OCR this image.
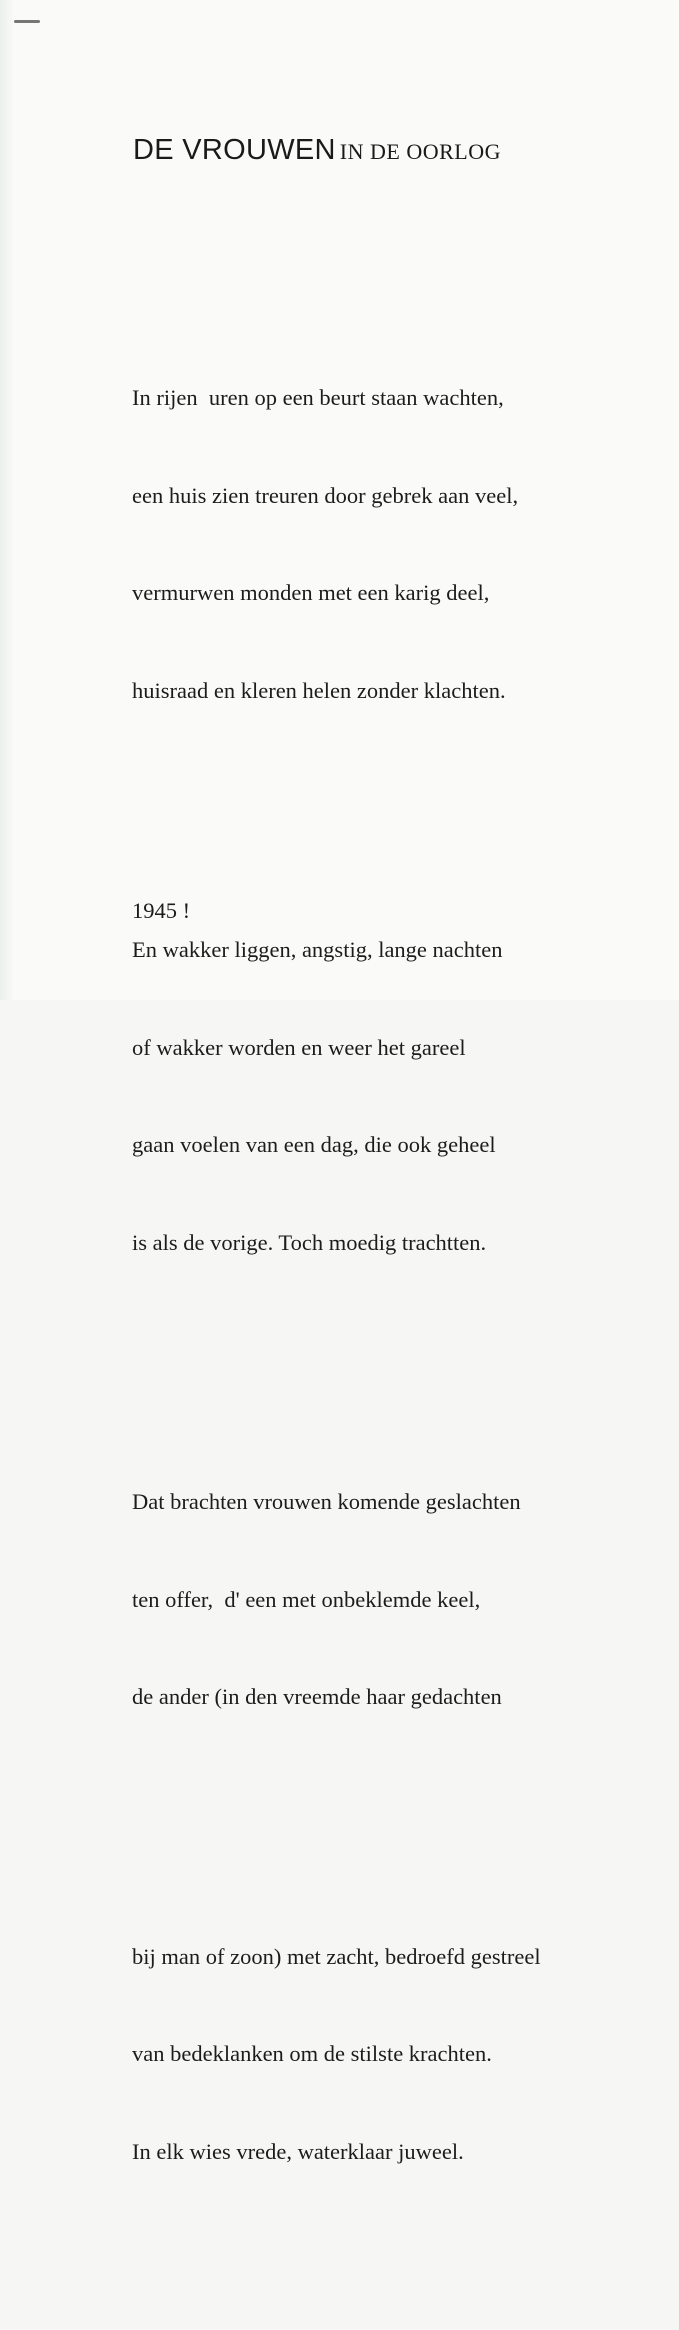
DE VROUWEN IN DE OORLOG

In rijen  uren op een beurt staan wachten,

een huis zien treuren door gebrek aan veel,

vermurwen monden met een karig deel,

huisraad en kleren helen zonder klachten.

En wakker liggen, angstig, lange nachten

of wakker worden en weer het gareel

gaan voelen van een dag, die ook geheel

is als de vorige. Toch moedig trachtten.

Dat brachten vrouwen komende geslachten

ten offer,  d' een met onbeklemde keel,

de ander (in den vreemde haar gedachten

bij man of zoon) met zacht, bedroefd gestreel

van bedeklanken om de stilste krachten.

In elk wies vrede, waterklaar juweel.

1945 !
